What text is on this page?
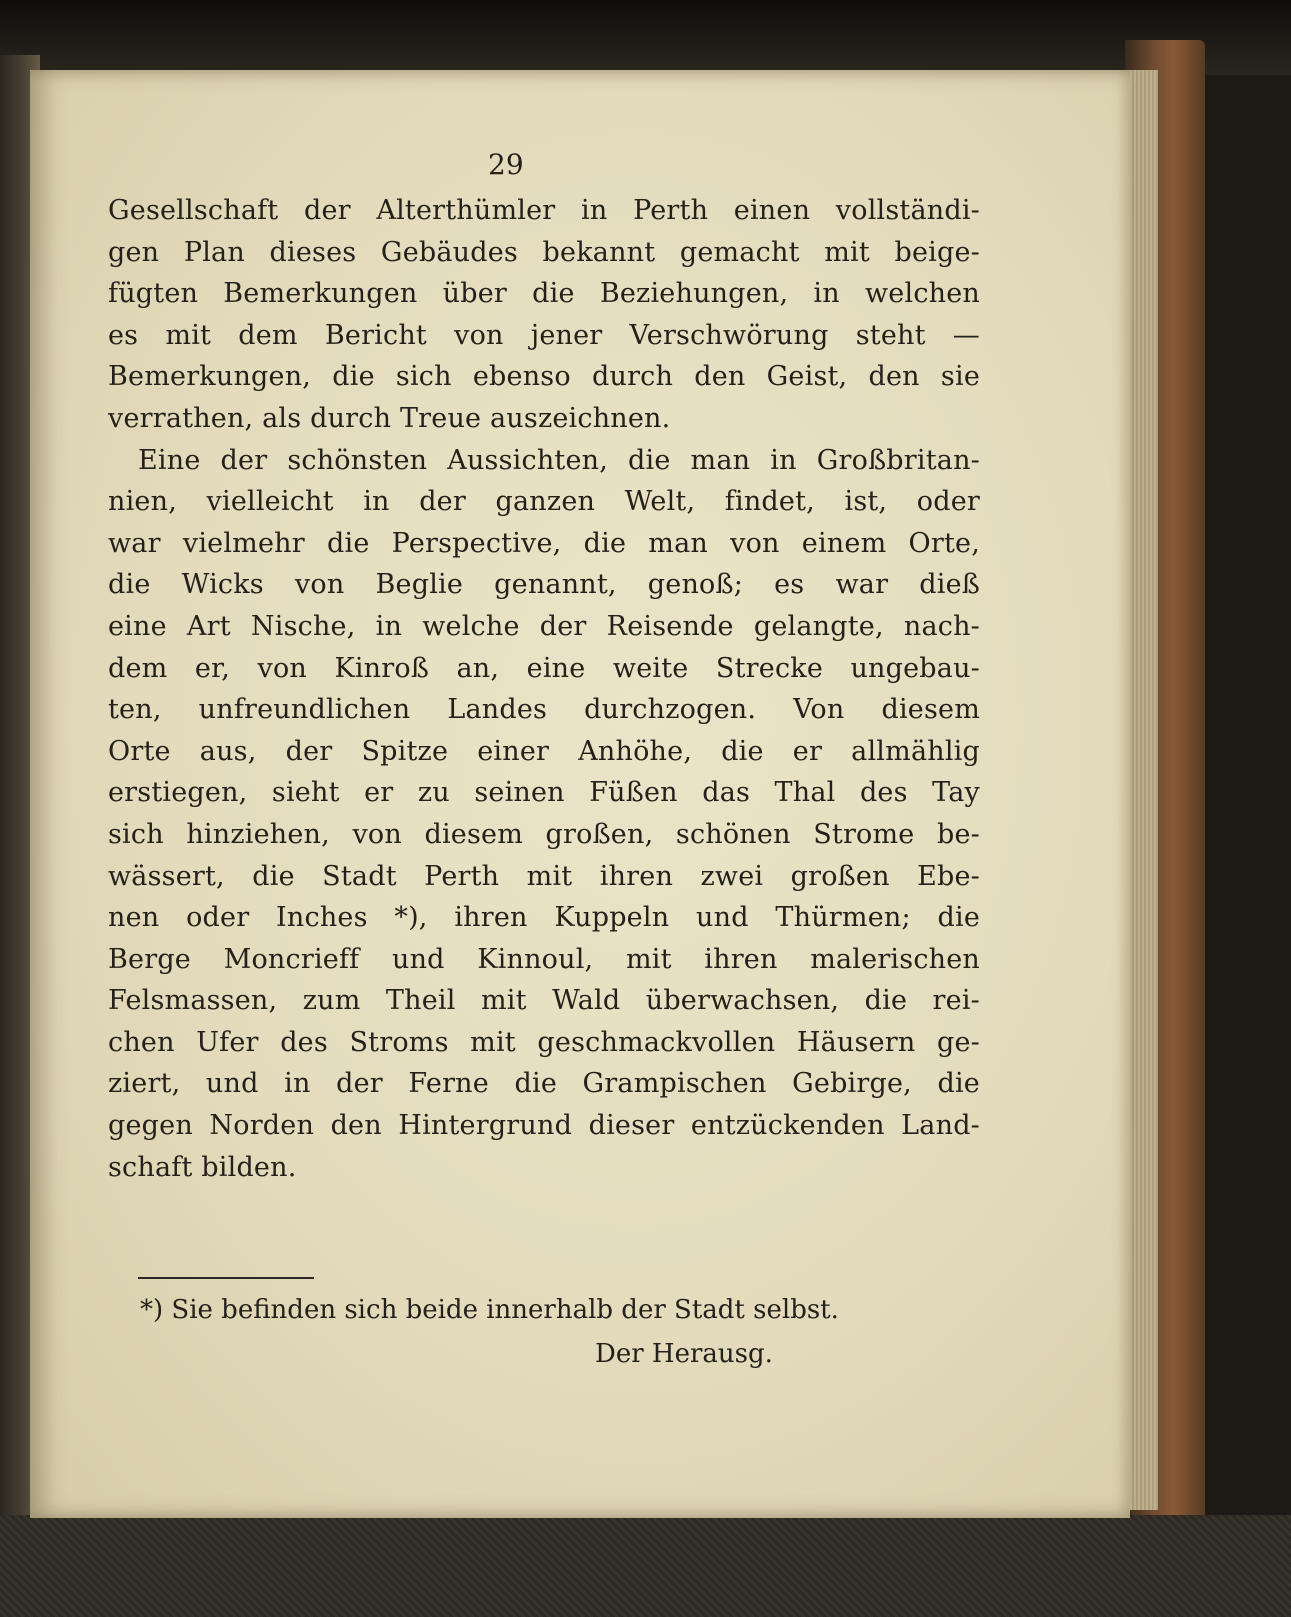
29
Gesellschaft der Alterthümler in Perth einen vollständi-
gen Plan dieses Gebäudes bekannt gemacht mit beige-
fügten Bemerkungen über die Beziehungen, in welchen
es mit dem Bericht von jener Verschwörung steht —
Bemerkungen, die sich ebenso durch den Geist, den sie
verrathen, als durch Treue auszeichnen.
Eine der schönsten Aussichten, die man in Großbritan-
nien, vielleicht in der ganzen Welt, findet, ist, oder
war vielmehr die Perspective, die man von einem Orte,
die Wicks von Beglie genannt, genoß; es war dieß
eine Art Nische, in welche der Reisende gelangte, nach-
dem er, von Kinroß an, eine weite Strecke ungebau-
ten, unfreundlichen Landes durchzogen. Von diesem
Orte aus, der Spitze einer Anhöhe, die er allmählig
erstiegen, sieht er zu seinen Füßen das Thal des Tay
sich hinziehen, von diesem großen, schönen Strome be-
wässert, die Stadt Perth mit ihren zwei großen Ebe-
nen oder Inches *), ihren Kuppeln und Thürmen; die
Berge Moncrieff und Kinnoul, mit ihren malerischen
Felsmassen, zum Theil mit Wald überwachsen, die rei-
chen Ufer des Stroms mit geschmackvollen Häusern ge-
ziert, und in der Ferne die Grampischen Gebirge, die
gegen Norden den Hintergrund dieser entzückenden Land-
schaft bilden.
*) Sie befinden sich beide innerhalb der Stadt selbst.
Der Herausg.
